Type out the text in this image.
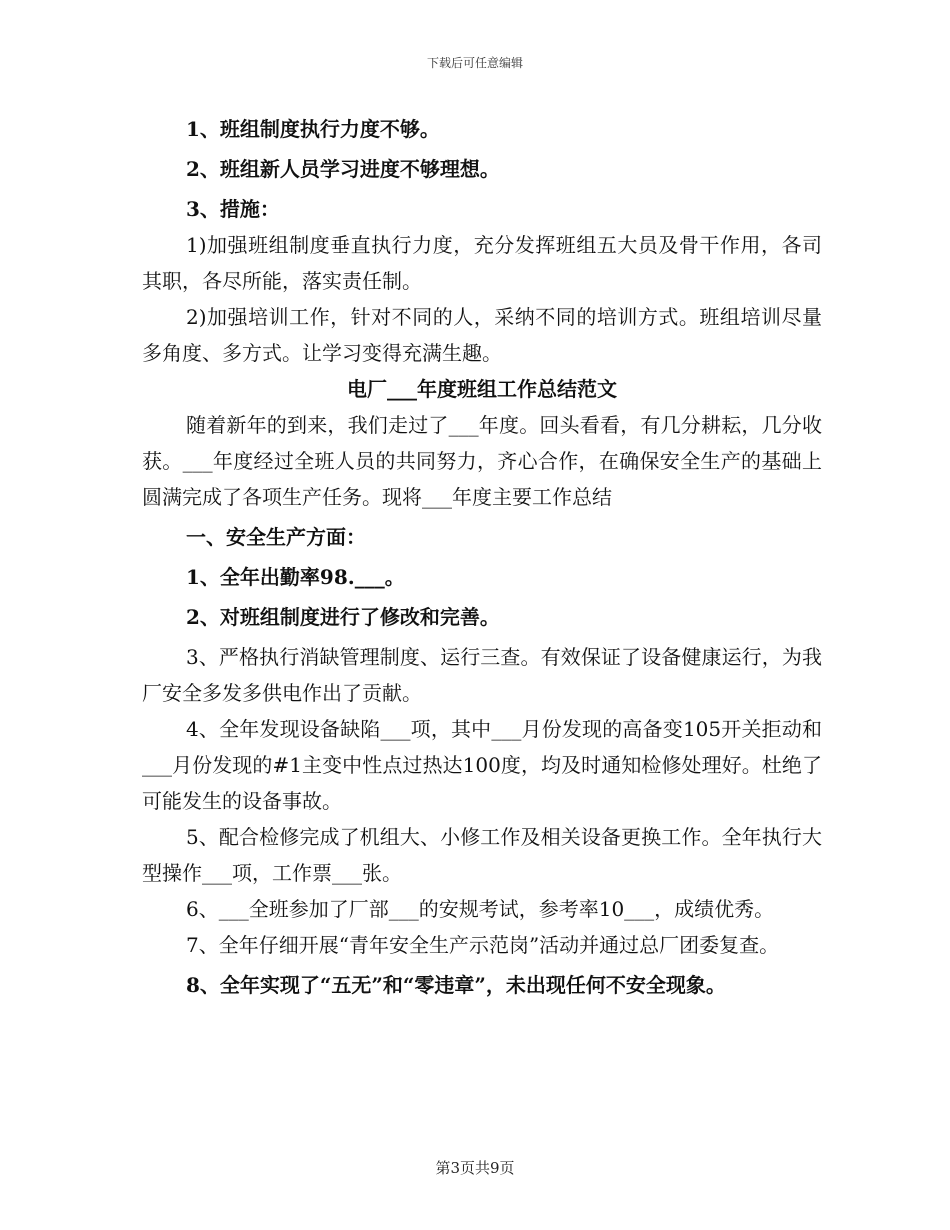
下载后可任意编辑

1、班组制度执行力度不够。

2、班组新人员学习进度不够理想。

3、措施：

1)加强班组制度垂直执行力度，充分发挥班组五大员及骨干作用，各司其职，各尽所能，落实责任制。

2)加强培训工作，针对不同的人，采纳不同的培训方式。班组培训尽量多角度、多方式。让学习变得充满生趣。

电厂___年度班组工作总结范文

随着新年的到来，我们走过了___年度。回头看看，有几分耕耘，几分收获。___年度经过全班人员的共同努力，齐心合作，在确保安全生产的基础上圆满完成了各项生产任务。现将___年度主要工作总结

一、安全生产方面：

1、全年出勤率98.___。

2、对班组制度进行了修改和完善。

3、严格执行消缺管理制度、运行三查。有效保证了设备健康运行，为我厂安全多发多供电作出了贡献。

4、全年发现设备缺陷___项，其中___月份发现的高备变105开关拒动和___月份发现的#1主变中性点过热达100度，均及时通知检修处理好。杜绝了可能发生的设备事故。

5、配合检修完成了机组大、小修工作及相关设备更换工作。全年执行大型操作___项，工作票___张。

6、___全班参加了厂部___的安规考试，参考率10___，成绩优秀。

7、全年仔细开展“青年安全生产示范岗”活动并通过总厂团委复查。

8、全年实现了“五无”和“零违章”，未出现任何不安全现象。

第3页共9页
